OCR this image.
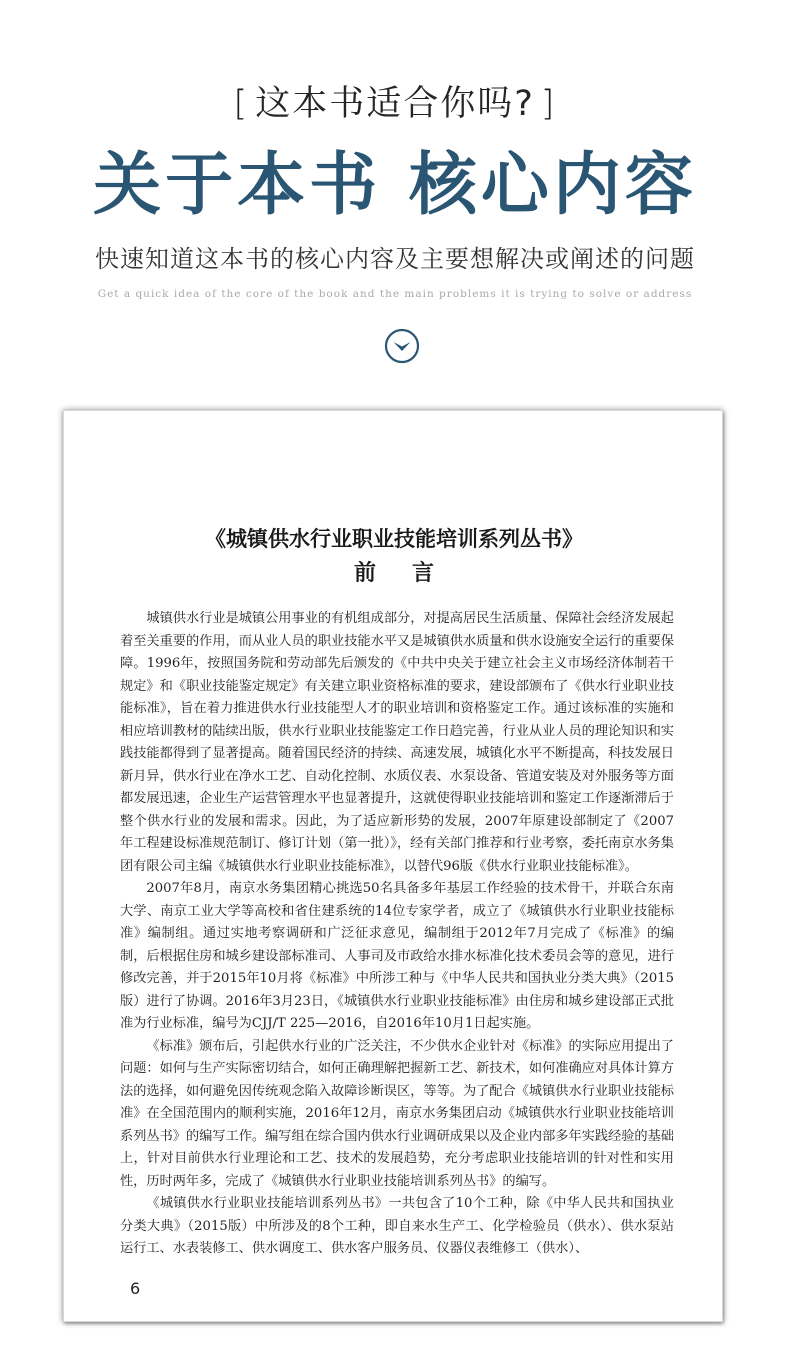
[ 这本书适合你吗? ]
关于本书 核心内容
快速知道这本书的核心内容及主要想解决或阐述的问题
Get a quick idea of the core of the book and the main problems it is trying to solve or address
《城镇供水行业职业技能培训系列丛书》
前言

城镇供水行业是城镇公用事业的有机组成部分，对提高居民生活质量、保障社会经济发展起着至关重要的作用，而从业人员的职业技能水平又是城镇供水质量和供水设施安全运行的重要保障。1996年，按照国务院和劳动部先后颁发的《中共中央关于建立社会主义市场经济体制若干规定》和《职业技能鉴定规定》有关建立职业资格标准的要求，建设部颁布了《供水行业职业技能标准》，旨在着力推进供水行业技能型人才的职业培训和资格鉴定工作。通过该标准的实施和相应培训教材的陆续出版，供水行业职业技能鉴定工作日趋完善，行业从业人员的理论知识和实践技能都得到了显著提高。随着国民经济的持续、高速发展，城镇化水平不断提高，科技发展日新月异，供水行业在净水工艺、自动化控制、水质仪表、水泵设备、管道安装及对外服务等方面都发展迅速，企业生产运营管理水平也显著提升，这就使得职业技能培训和鉴定工作逐渐滞后于整个供水行业的发展和需求。因此，为了适应新形势的发展，2007年原建设部制定了《2007年工程建设标准规范制订、修订计划（第一批）》，经有关部门推荐和行业考察，委托南京水务集团有限公司主编《城镇供水行业职业技能标准》，以替代96版《供水行业职业技能标准》。

2007年8月，南京水务集团精心挑选50名具备多年基层工作经验的技术骨干，并联合东南大学、南京工业大学等高校和省住建系统的14位专家学者，成立了《城镇供水行业职业技能标准》编制组。通过实地考察调研和广泛征求意见，编制组于2012年7月完成了《标准》的编制，后根据住房和城乡建设部标准司、人事司及市政给水排水标准化技术委员会等的意见，进行修改完善，并于2015年10月将《标准》中所涉工种与《中华人民共和国执业分类大典》（2015版）进行了协调。2016年3月23日，《城镇供水行业职业技能标准》由住房和城乡建设部正式批准为行业标准，编号为CJJ/T 225—2016，自2016年10月1日起实施。

《标准》颁布后，引起供水行业的广泛关注，不少供水企业针对《标准》的实际应用提出了问题：如何与生产实际密切结合，如何正确理解把握新工艺、新技术，如何准确应对具体计算方法的选择，如何避免因传统观念陷入故障诊断误区，等等。为了配合《城镇供水行业职业技能标准》在全国范围内的顺利实施，2016年12月，南京水务集团启动《城镇供水行业职业技能培训系列丛书》的编写工作。编写组在综合国内供水行业调研成果以及企业内部多年实践经验的基础上，针对目前供水行业理论和工艺、技术的发展趋势，充分考虑职业技能培训的针对性和实用性，历时两年多，完成了《城镇供水行业职业技能培训系列丛书》的编写。

《城镇供水行业职业技能培训系列丛书》一共包含了10个工种，除《中华人民共和国执业分类大典》（2015版）中所涉及的8个工种，即自来水生产工、化学检验员（供水）、供水泵站运行工、水表装修工、供水调度工、供水客户服务员、仪器仪表维修工（供水）、

6
